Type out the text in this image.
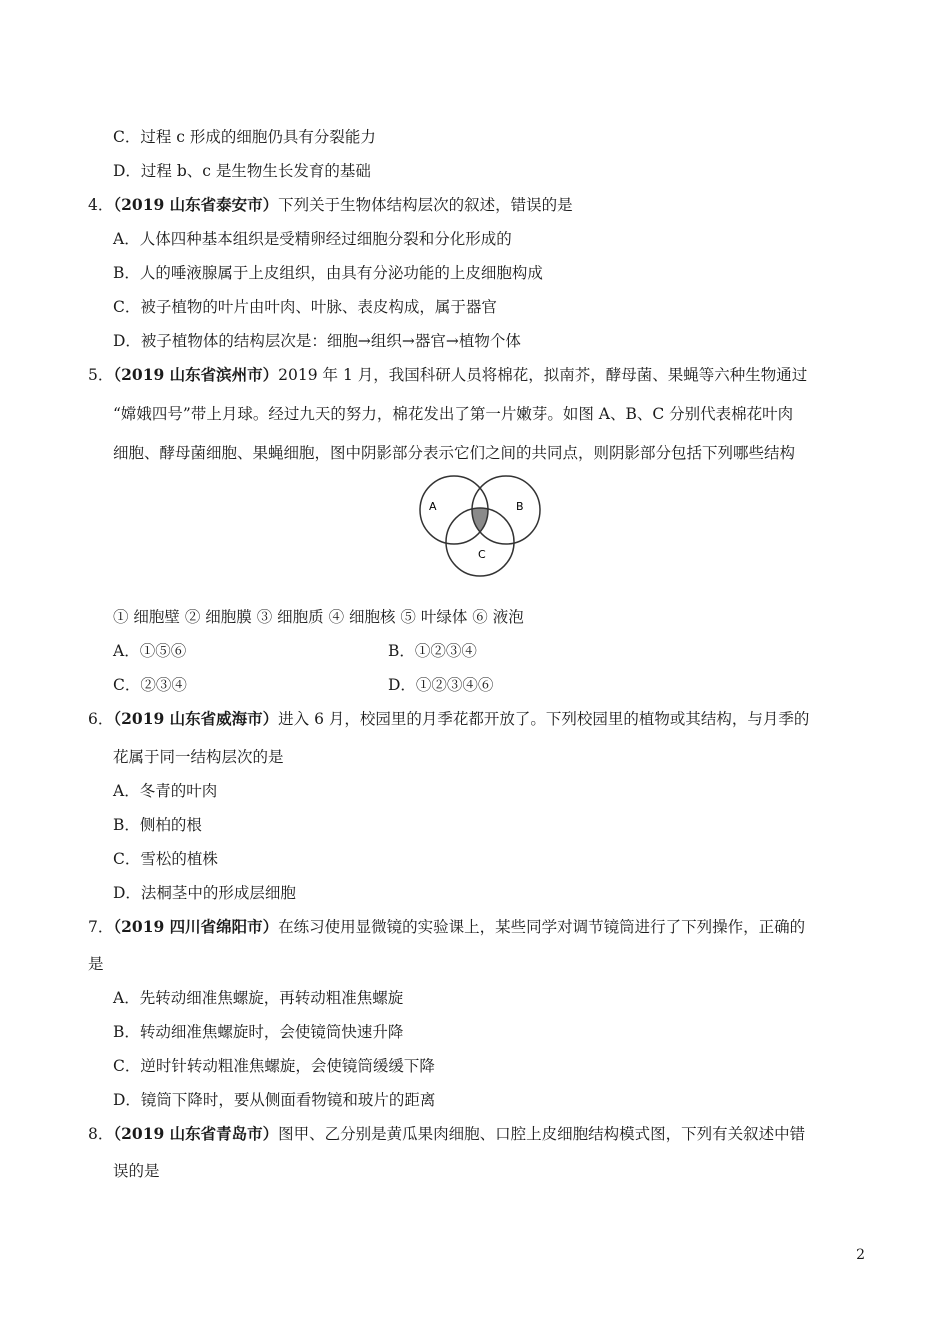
C．过程 c 形成的细胞仍具有分裂能力
D．过程 b、c 是生物生长发育的基础
4．（2019 山东省泰安市）下列关于生物体结构层次的叙述，错误的是
A．人体四种基本组织是受精卵经过细胞分裂和分化形成的
B．人的唾液腺属于上皮组织，由具有分泌功能的上皮细胞构成
C．被子植物的叶片由叶肉、叶脉、表皮构成，属于器官
D．被子植物体的结构层次是：细胞→组织→器官→植物个体
5．（2019 山东省滨州市）2019 年 1 月，我国科研人员将棉花，拟南芥，酵母菌、果蝇等六种生物通过
“嫦娥四号”带上月球。经过九天的努力，棉花发出了第一片嫩芽。如图 A、B、C 分别代表棉花叶肉
细胞、酵母菌细胞、果蝇细胞，图中阴影部分表示它们之间的共同点，则阴影部分包括下列哪些结构
A	B
C
① 细胞壁 ② 细胞膜 ③ 细胞质 ④ 细胞核 ⑤ 叶绿体 ⑥ 液泡
A．①⑤⑥	B．①②③④
C．②③④	D．①②③④⑥
6．（2019 山东省威海市）进入 6 月，校园里的月季花都开放了。下列校园里的植物或其结构，与月季的
花属于同一结构层次的是
A．冬青的叶肉
B．侧柏的根
C．雪松的植株
D．法桐茎中的形成层细胞
7．（2019 四川省绵阳市）在练习使用显微镜的实验课上，某些同学对调节镜筒进行了下列操作，正确的
是
A．先转动细准焦螺旋，再转动粗准焦螺旋
B．转动细准焦螺旋时，会使镜筒快速升降
C．逆时针转动粗准焦螺旋，会使镜筒缓缓下降
D．镜筒下降时，要从侧面看物镜和玻片的距离
8．（2019 山东省青岛市）图甲、乙分别是黄瓜果肉细胞、口腔上皮细胞结构模式图，下列有关叙述中错
误的是
2
